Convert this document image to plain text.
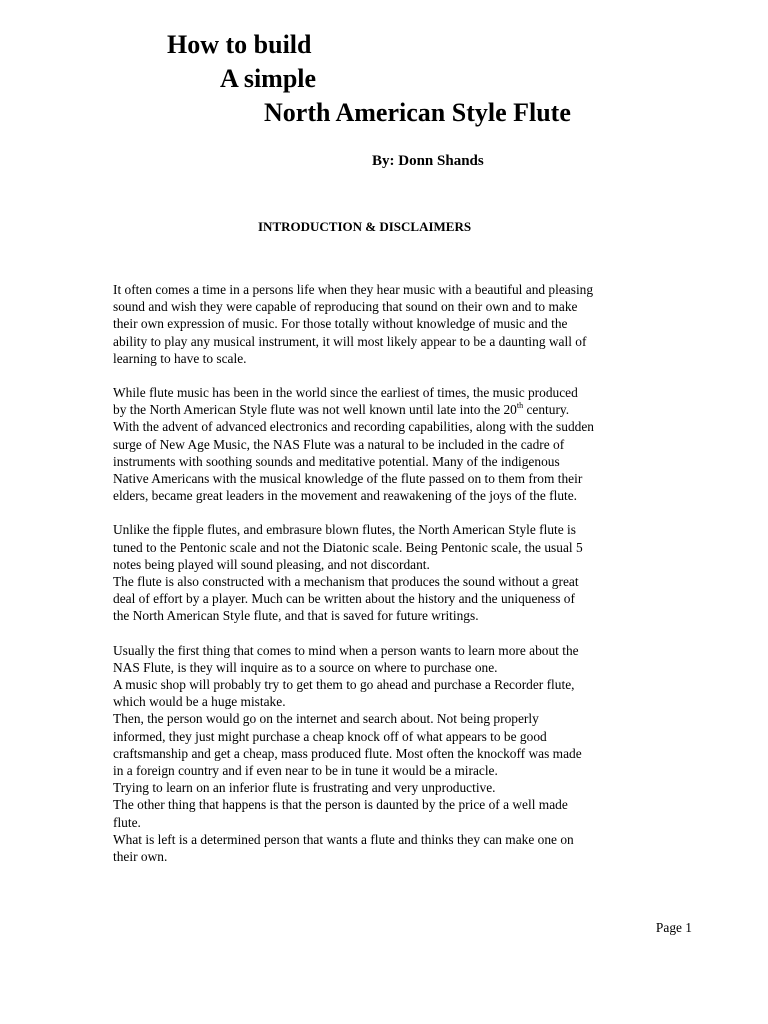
How to build
A simple
North American Style Flute

By: Donn Shands

INTRODUCTION & DISCLAIMERS

It often comes a time in a persons life when they hear music with a beautiful and pleasing
sound and wish they were capable of reproducing that sound on their own and to make
their own expression of music. For those totally without knowledge of music and the
ability to play any musical instrument, it will most likely appear to be a daunting wall of
learning to have to scale.

While flute music has been in the world since the earliest of times, the music produced
by the North American Style flute was not well known until late into the 20th century.
With the advent of advanced electronics and recording capabilities, along with the sudden
surge of New Age Music, the NAS Flute was a natural to be included in the cadre of
instruments with soothing sounds and meditative potential. Many of the indigenous
Native Americans with the musical knowledge of the flute passed on to them from their
elders, became great leaders in the movement and reawakening of the joys of the flute.

Unlike the fipple flutes, and embrasure blown flutes, the North American Style flute is
tuned to the Pentonic scale and not the Diatonic scale. Being Pentonic scale, the usual 5
notes being played will sound pleasing, and not discordant.

The flute is also constructed with a mechanism that produces the sound without a great
deal of effort by a player. Much can be written about the history and the uniqueness of
the North American Style flute, and that is saved for future writings.

Usually the first thing that comes to mind when a person wants to learn more about the
NAS Flute, is they will inquire as to a source on where to purchase one.
A music shop will probably try to get them to go ahead and purchase a Recorder flute,
which would be a huge mistake.
Then, the person would go on the internet and search about. Not being properly
informed, they just might purchase a cheap knock off of what appears to be good
craftsmanship and get a cheap, mass produced flute. Most often the knockoff was made
in a foreign country and if even near to be in tune it would be a miracle.
Trying to learn on an inferior flute is frustrating and very unproductive.
The other thing that happens is that the person is daunted by the price of a well made
flute.
What is left is a determined person that wants a flute and thinks they can make one on
their own.

Page 1
